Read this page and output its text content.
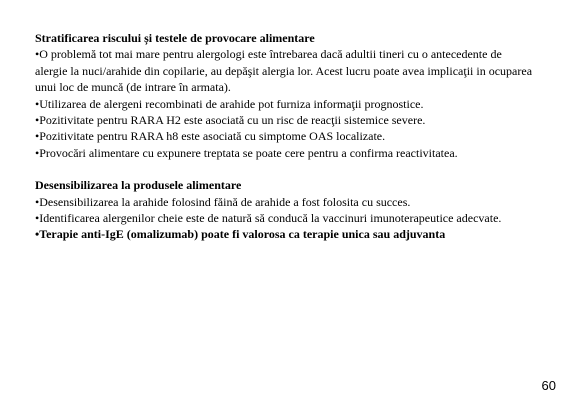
Stratificarea riscului și testele de provocare alimentare

•O problemă tot mai mare pentru alergologi este întrebarea dacă adultii tineri cu o antecedente de alergie la nuci/arahide din copilarie, au depăşit alergia lor. Acest lucru poate avea implicaţii in ocuparea unui loc de muncă (de intrare în armata).

•Utilizarea de alergeni recombinati de arahide pot furniza informaţii prognostice.

•Pozitivitate pentru RARA H2 este asociată cu un risc de reacţii sistemice severe.

•Pozitivitate pentru RARA h8 este asociată cu simptome OAS localizate.

•Provocări alimentare cu expunere treptata se poate cere pentru a confirma reactivitatea.

Desensibilizarea la produsele alimentare

•Desensibilizarea la arahide folosind făină de arahide a fost folosita cu succes.

•Identificarea alergenilor cheie este de natură să conducă la vaccinuri imunoterapeutice adecvate.

•Terapie anti-IgE (omalizumab) poate fi valorosa ca terapie unica sau adjuvanta

60
